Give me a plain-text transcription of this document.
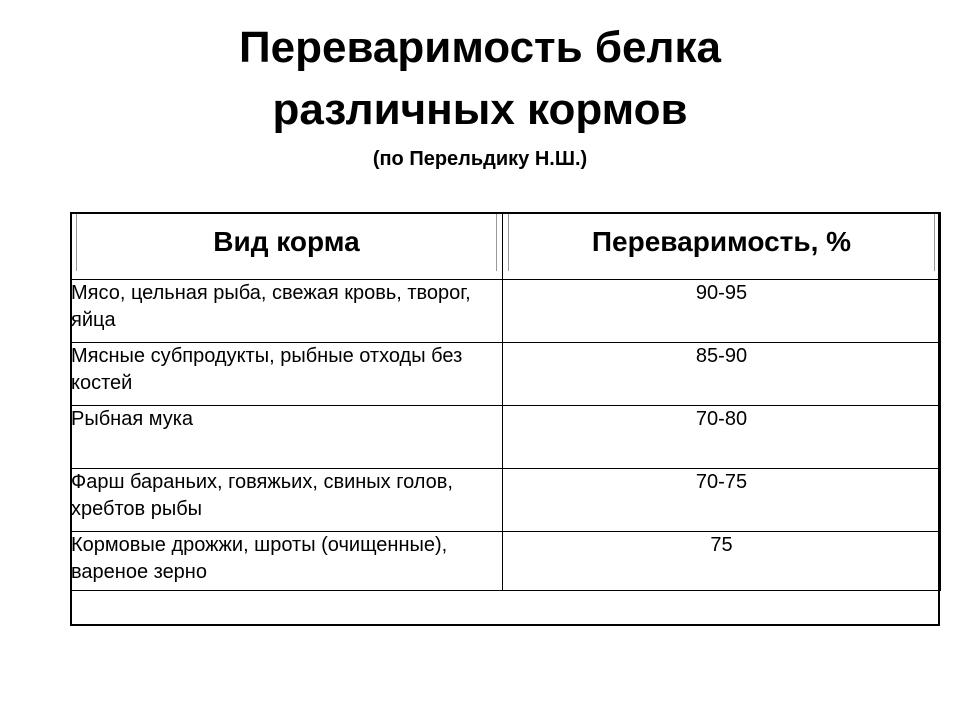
Переваримость белка
различных кормов
(по Перельдику Н.Ш.)
Вид корма	Переваримость, %

Мясо, цельная рыба, свежая кровь, творог, яйца	90-95
Мясные субпродукты, рыбные отходы без костей	85-90
Рыбная мука	70-80
Фарш бараньих, говяжьих, свиных голов, хребтов рыбы	70-75
Кормовые дрожжи, шроты (очищенные), вареное зерно	75
